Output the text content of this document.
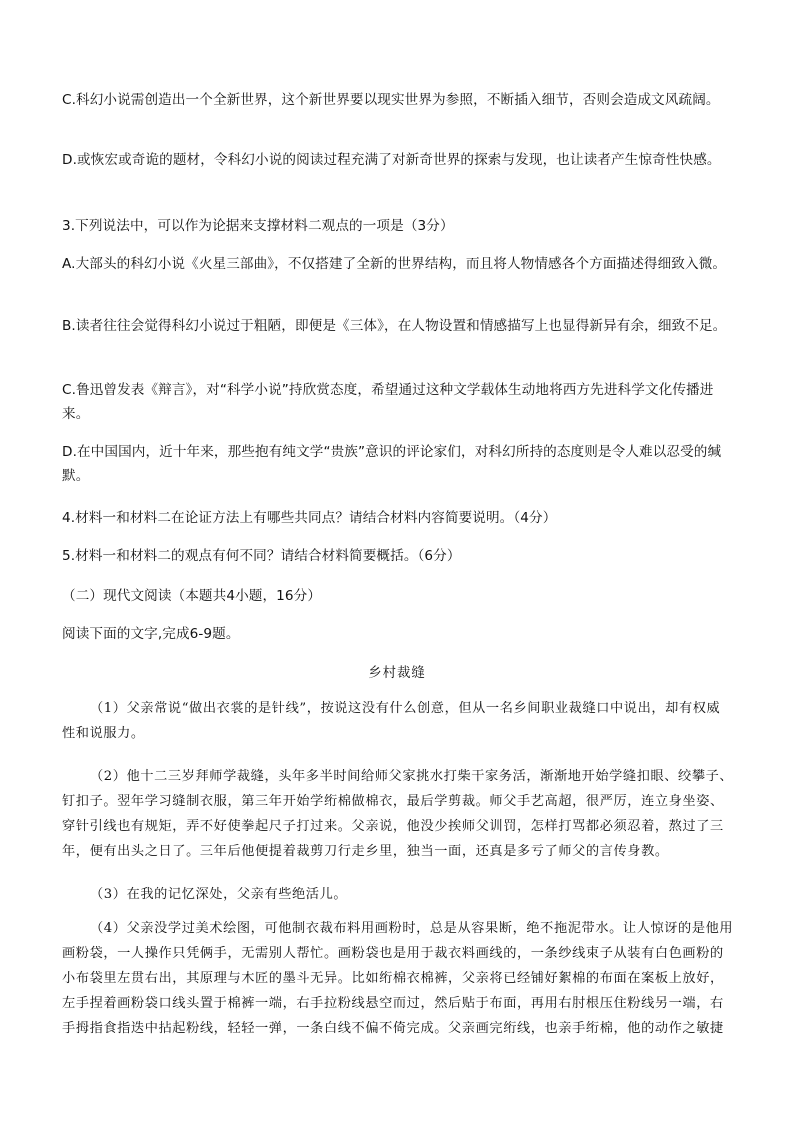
C.科幻小说需创造出一个全新世界，这个新世界要以现实世界为参照，不断插入细节，否则会造成文风疏阔。

D.或恢宏或奇诡的题材，令科幻小说的阅读过程充满了对新奇世界的探索与发现，也让读者产生惊奇性快感。

3.下列说法中，可以作为论据来支撑材料二观点的一项是（3分）

A.大部头的科幻小说《火星三部曲》，不仅搭建了全新的世界结构，而且将人物情感各个方面描述得细致入微。

B.读者往往会觉得科幻小说过于粗陋，即便是《三体》，在人物设置和情感描写上也显得新异有余，细致不足。

C.鲁迅曾发表《辩言》，对“科学小说”持欣赏态度，希望通过这种文学载体生动地将西方先进科学文化传播进来。

D.在中国国内，近十年来，那些抱有纯文学“贵族”意识的评论家们，对科幻所持的态度则是令人难以忍受的缄默。

4.材料一和材料二在论证方法上有哪些共同点？请结合材料内容简要说明。（4分）

5.材料一和材料二的观点有何不同？请结合材料简要概括。（6分）

（二）现代文阅读（本题共4小题，16分）

阅读下面的文字,完成6-9题。

乡村裁缝

（1）父亲常说“做出衣裳的是针线”，按说这没有什么创意，但从一名乡间职业裁缝口中说出，却有权威性和说服力。

（2）他十二三岁拜师学裁缝，头年多半时间给师父家挑水打柴干家务活，渐渐地开始学缝扣眼、绞攀子、钉扣子。翌年学习缝制衣服，第三年开始学绗棉做棉衣，最后学剪裁。师父手艺高超，很严厉，连立身坐姿、穿针引线也有规矩，弄不好使拳起尺子打过来。父亲说，他没少挨师父训罚，怎样打骂都必须忍着，熬过了三年，便有出头之日了。三年后他便提着裁剪刀行走乡里，独当一面，还真是多亏了师父的言传身教。

（3）在我的记忆深处，父亲有些绝活儿。

（4）父亲没学过美术绘图，可他制衣裁布料用画粉时，总是从容果断，绝不拖泥带水。让人惊讶的是他用画粉袋，一人操作只凭俩手，无需别人帮忙。画粉袋也是用于裁衣料画线的，一条纱线束子从装有白色画粉的小布袋里左贯右出，其原理与木匠的墨斗无异。比如绗棉衣棉裤，父亲将已经铺好絮棉的布面在案板上放好，左手捏着画粉袋口线头置于棉裤一端，右手拉粉线悬空而过，然后贴于布面，再用右肘根压住粉线另一端，右手拇指食指迭中拈起粉线，轻轻一弹，一条白线不偏不倚完成。父亲画完绗线，也亲手绗棉，他的动作之敏捷
